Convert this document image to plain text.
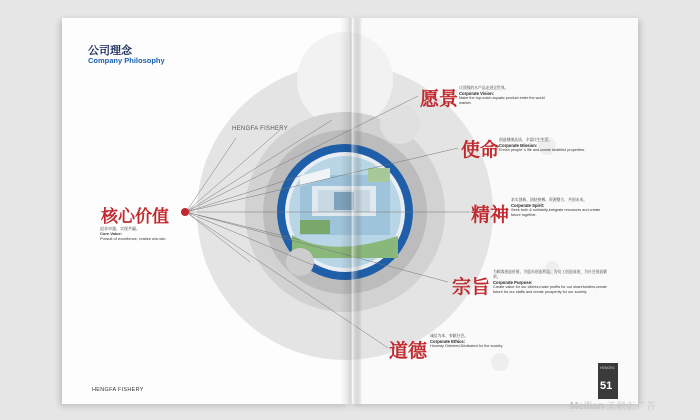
公司理念
Company Philosophy
HENGFA FISHERY
核心价值
追求卓越、实现共赢。
Core Value:
Pursuit of excellence, realize win-win.
愿景
让顶级的水产品走进全世界。
Corporate Vision:
Make the top-notch aquatic product enter the world market.
使命 创造健康品质、丰富民生生活。
Corporate Mission:
Enrich people' s life and create healthful properties.
精神
求实创新、团结拼搏、资源整合、共创未来。
Corporate Spirit:
Seek truth & solidarity,integrate resources and create future together.
宗旨
为顾客创造价值，为股东创造利益；为员工创造前途，为社会创造繁荣。
Corporate Purpose:
Create value for our clients,make profits for our shareholders,create future for our staffs and create prosperity for our society.
道德
诚信为本、奉献社会。
Corporate Ethics:
Honesty Oriented,Dedicated for the society.
HENGFA FISHERY
HENGFA
51
Meilian 美联汇广告
